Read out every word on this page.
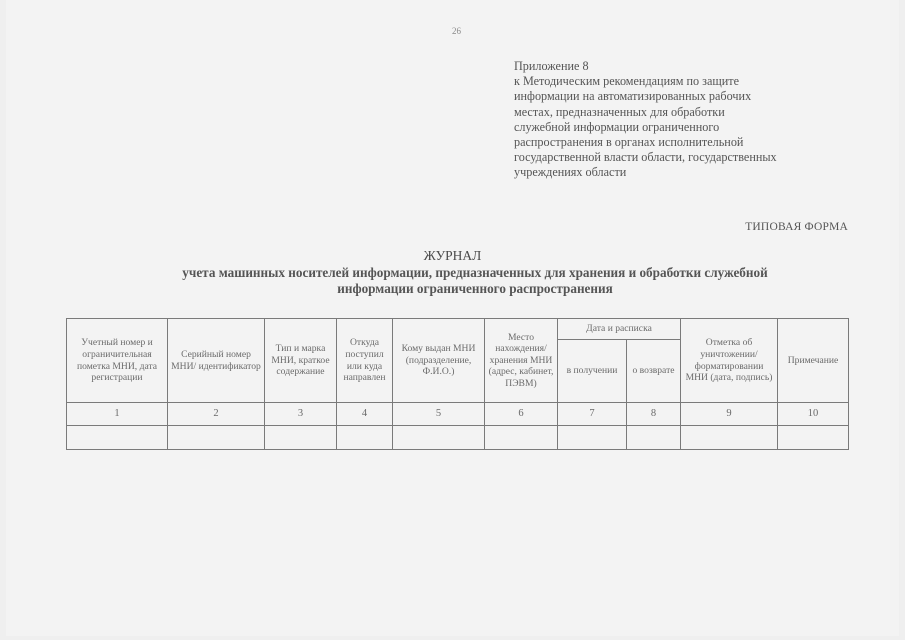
26
Приложение 8
к Методическим рекомендациям по защите
информации на автоматизированных рабочих
местах, предназначенных для обработки
служебной информации ограниченного
распространения в органах исполнительной
государственной власти области, государственных
учреждениях области
ТИПОВАЯ ФОРМА
ЖУРНАЛ
учета машинных носителей информации, предназначенных для хранения и обработки служебной
информации ограниченного распространения
Учетный номер и ограничительная пометка МНИ, дата регистрации	Серийный номер МНИ/ идентификатор	Тип и марка МНИ, краткое содержание	Откуда поступил или куда направлен	Кому выдан МНИ (подразделение, Ф.И.О.)	Место нахождения/ хранения МНИ (адрес, кабинет, ПЭВМ)	Дата и расписка		Отметка об уничтожении/ форматировании МНИ (дата, подпись)	Примечание
						в получении	о возврате		
1	2	3	4	5	6	7	8	9	10
